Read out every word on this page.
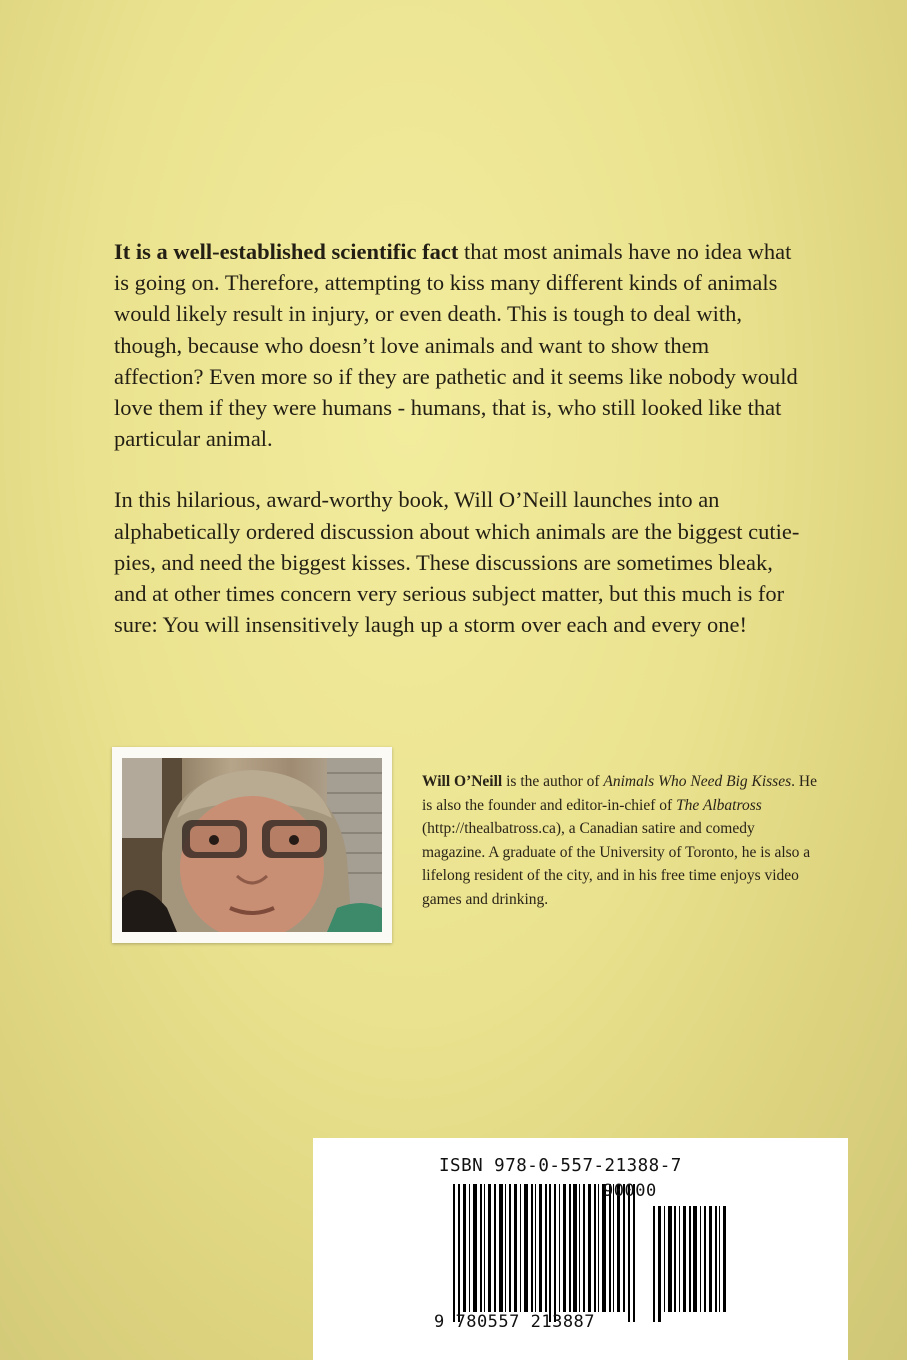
It is a well-established scientific fact that most animals have no idea what is going on. Therefore, attempting to kiss many different kinds of animals would likely result in injury, or even death. This is tough to deal with, though, because who doesn’t love animals and want to show them affection? Even more so if they are pathetic and it seems like nobody would love them if they were humans - humans, that is, who still looked like that particular animal.

In this hilarious, award-worthy book, Will O’Neill launches into an alphabetically ordered discussion about which animals are the biggest cutie-pies, and need the biggest kisses. These discussions are sometimes bleak, and at other times concern very serious subject matter, but this much is for sure: You will insensitively laugh up a storm over each and every one!

Will O’Neill is the author of Animals Who Need Big Kisses. He is also the founder and editor-in-chief of The Albatross (http://thealbatross.ca), a Canadian satire and comedy magazine. A graduate of the University of Toronto, he is also a lifelong resident of the city, and in his free time enjoys video games and drinking.
ISBN 978-0-557-21388-7
90000
9 780557 213887
